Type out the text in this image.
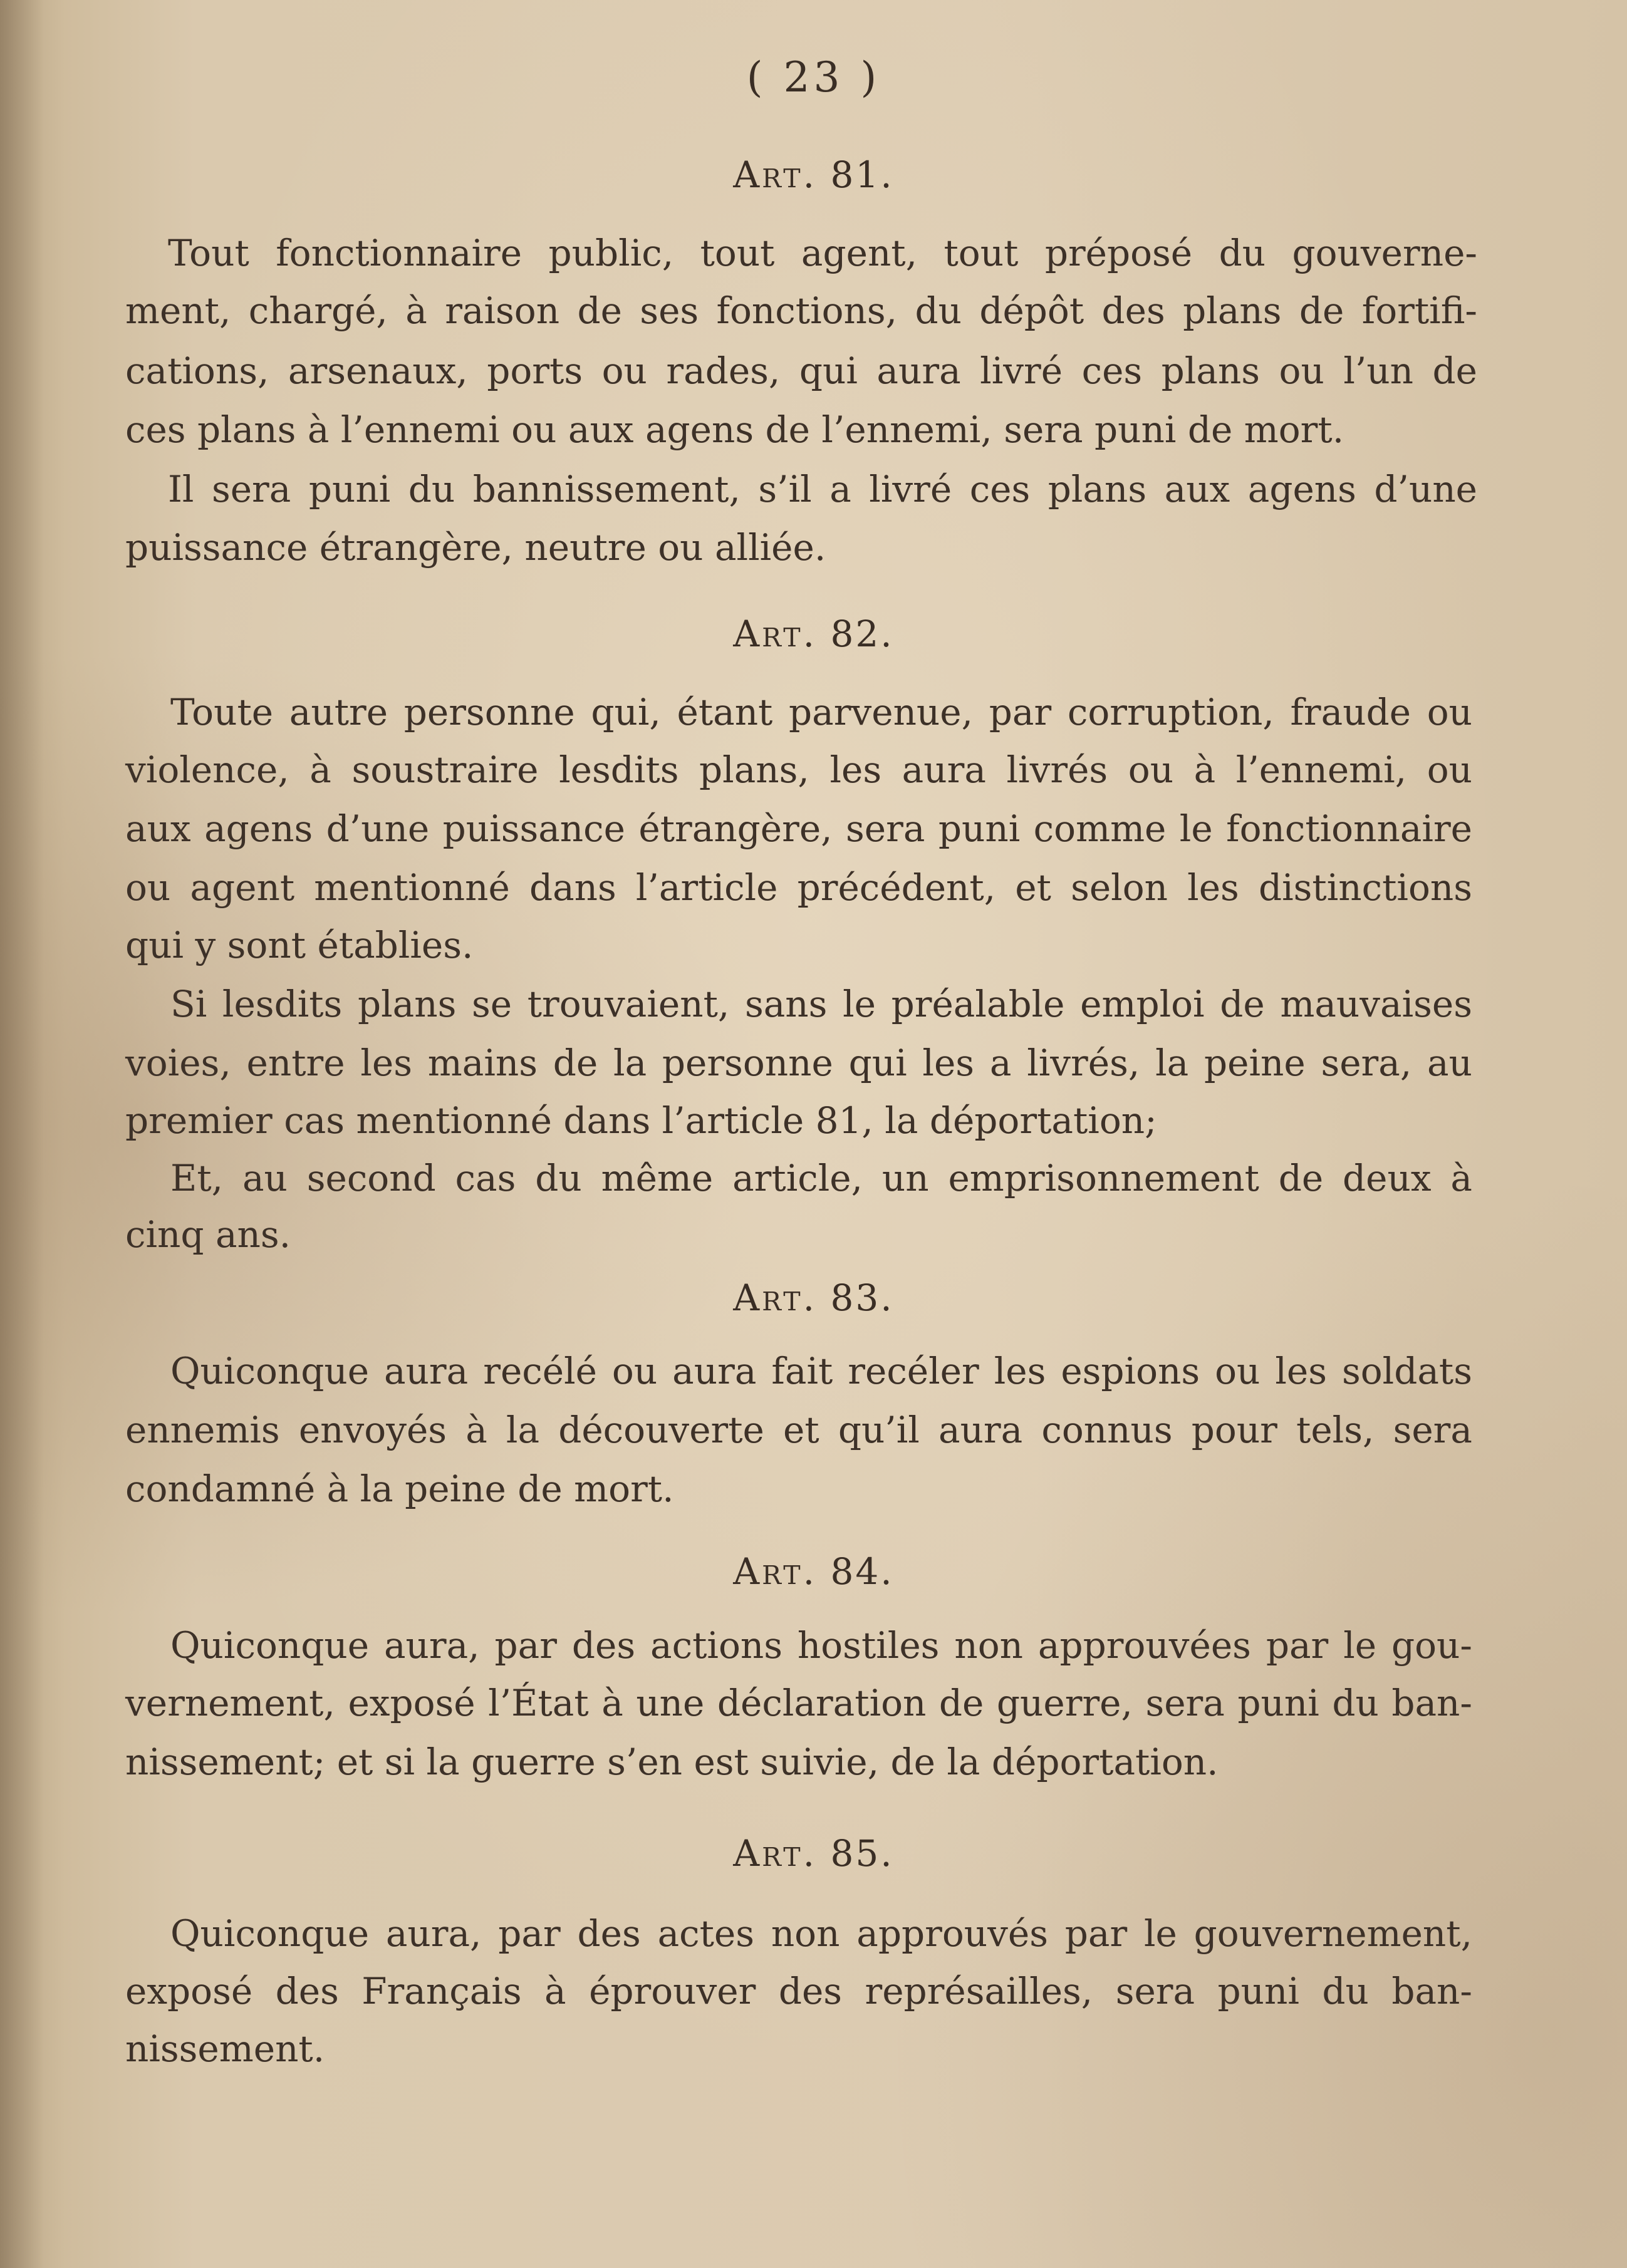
( 23 )
Art. 81.
Tout fonctionnaire public, tout agent, tout préposé du gouverne-
ment, chargé, à raison de ses fonctions, du dépôt des plans de fortifi-
cations, arsenaux, ports ou rades, qui aura livré ces plans ou l’un de
ces plans à l’ennemi ou aux agens de l’ennemi, sera puni de mort.
Il sera puni du bannissement, s’il a livré ces plans aux agens d’une
puissance étrangère, neutre ou alliée.
Art. 82.
Toute autre personne qui, étant parvenue, par corruption, fraude ou
violence, à soustraire lesdits plans, les aura livrés ou à l’ennemi, ou
aux agens d’une puissance étrangère, sera puni comme le fonctionnaire
ou agent mentionné dans l’article précédent, et selon les distinctions
qui y sont établies.
Si lesdits plans se trouvaient, sans le préalable emploi de mauvaises
voies, entre les mains de la personne qui les a livrés, la peine sera, au
premier cas mentionné dans l’article 81, la déportation;
Et, au second cas du même article, un emprisonnement de deux à
cinq ans.
Art. 83.
Quiconque aura recélé ou aura fait recéler les espions ou les soldats
ennemis envoyés à la découverte et qu’il aura connus pour tels, sera
condamné à la peine de mort.
Art. 84.
Quiconque aura, par des actions hostiles non approuvées par le gou-
vernement, exposé l’État à une déclaration de guerre, sera puni du ban-
nissement; et si la guerre s’en est suivie, de la déportation.
Art. 85.
Quiconque aura, par des actes non approuvés par le gouvernement,
exposé des Français à éprouver des représailles, sera puni du ban-
nissement.
